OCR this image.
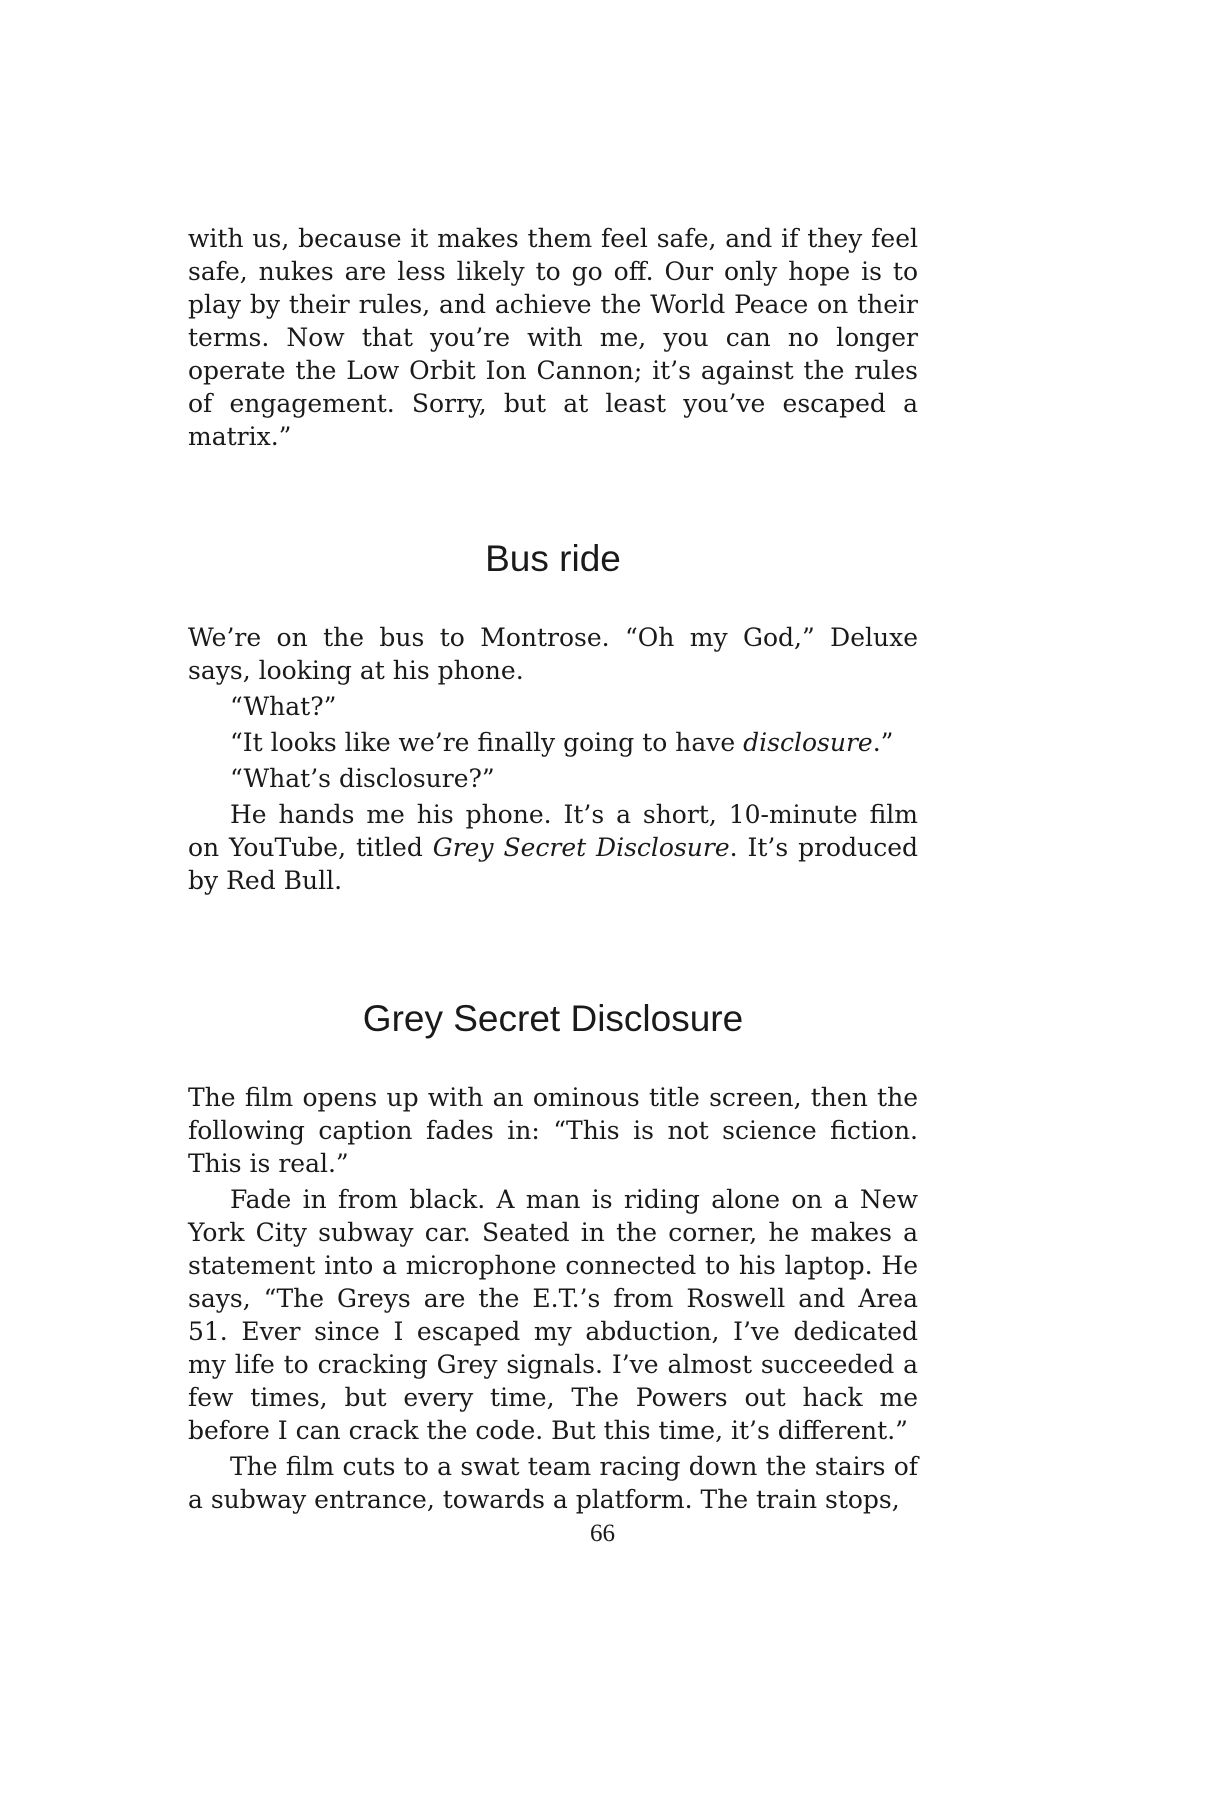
with us, because it makes them feel safe, and if they feel safe, nukes are less likely to go off. Our only hope is to play by their rules, and achieve the World Peace on their terms. Now that you’re with me, you can no longer operate the Low Orbit Ion Cannon; it’s against the rules of engagement. Sorry, but at least you’ve escaped a matrix.”

Bus ride

We’re on the bus to Montrose. “Oh my God,” Deluxe says, looking at his phone.

“What?”

“It looks like we’re finally going to have disclosure.”

“What’s disclosure?”

He hands me his phone. It’s a short, 10-minute film on YouTube, titled Grey Secret Disclosure. It’s produced by Red Bull.

Grey Secret Disclosure

The film opens up with an ominous title screen, then the following caption fades in: “This is not science fiction. This is real.”

Fade in from black. A man is riding alone on a New York City subway car. Seated in the corner, he makes a statement into a microphone connected to his laptop. He says, “The Greys are the E.T.’s from Roswell and Area 51. Ever since I escaped my abduction, I’ve dedicated my life to cracking Grey signals. I’ve almost succeeded a few times, but every time, The Powers out hack me before I can crack the code. But this time, it’s different.”

The film cuts to a swat team racing down the stairs of a subway entrance, towards a platform. The train stops,

66
